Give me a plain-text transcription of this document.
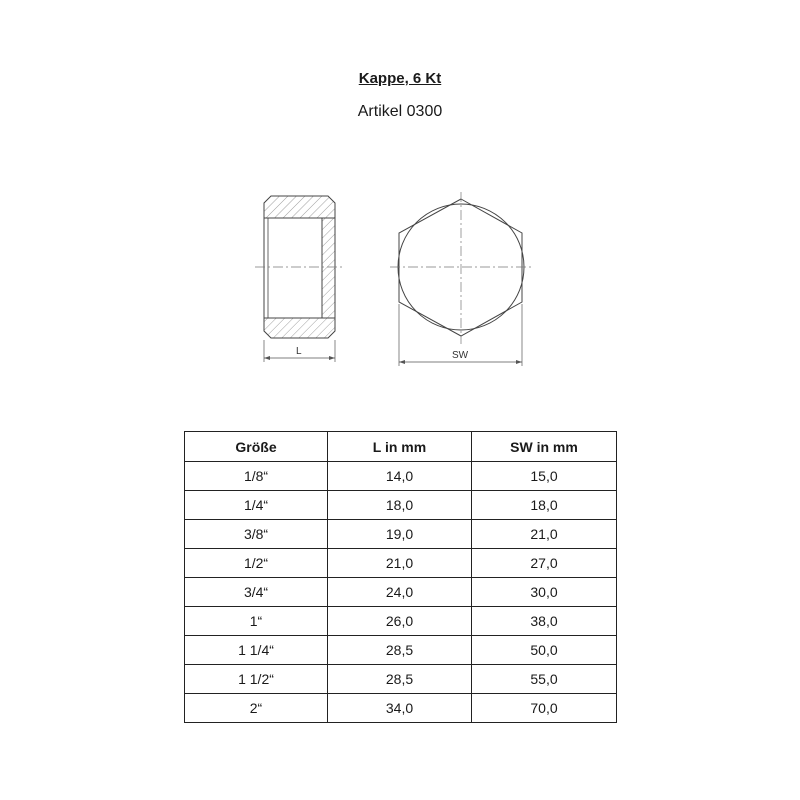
Kappe, 6 Kt
Artikel 0300
L	SW
Größe	L in mm	SW in mm
1/8“	14,0	15,0
1/4“	18,0	18,0
3/8“	19,0	21,0
1/2“	21,0	27,0
3/4“	24,0	30,0
1“	26,0	38,0
1 1/4“	28,5	50,0
1 1/2“	28,5	55,0
2“	34,0	70,0
